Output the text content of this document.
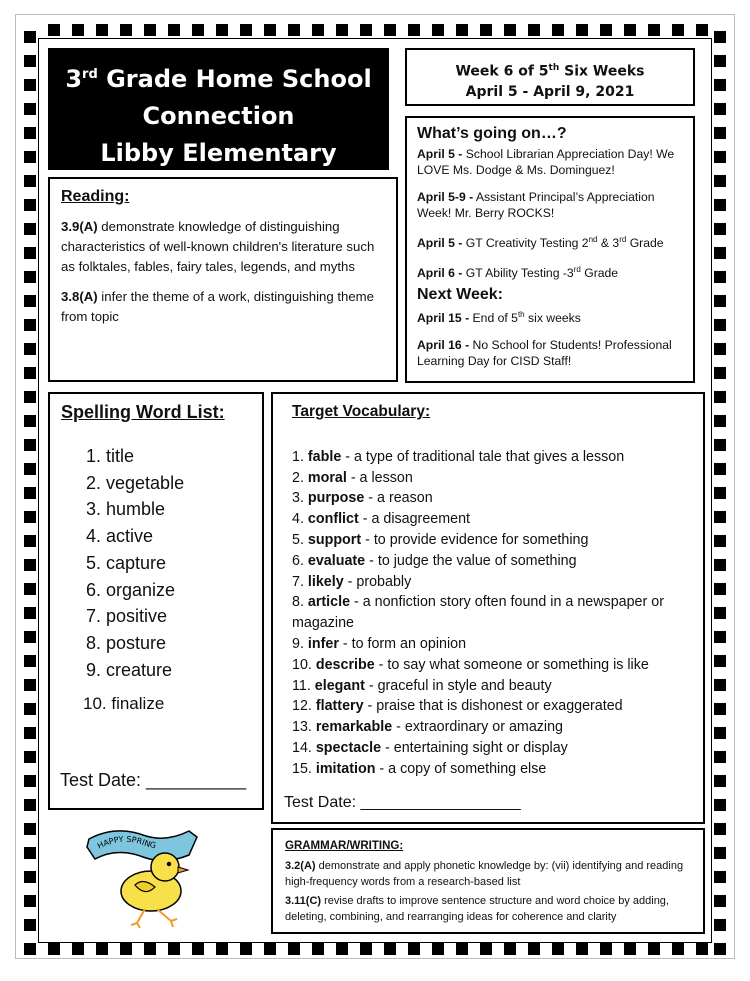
3rd Grade Home School
Connection
Libby Elementary
Week 6 of 5th Six Weeks
April 5 - April 9, 2021
What’s going on…?

April 5 - School Librarian Appreciation Day! We LOVE Ms. Dodge & Ms. Dominguez!

April 5-9 - Assistant Principal’s Appreciation Week! Mr. Berry ROCKS!

April 5 - GT Creativity Testing 2nd & 3rd Grade

April 6 - GT Ability Testing -3rd Grade

Next Week:

April 15 - End of 5th six weeks

April 16 - No School for Students! Professional Learning Day for CISD Staff!

Reading:

3.9(A) demonstrate knowledge of distinguishing characteristics of well-known children's literature such as folktales, fables, fairy tales, legends, and myths

3.8(A) infer the theme of a work, distinguishing theme from topic

Spelling Word List:
1. title
2. vegetable
3. humble
4. active
5. capture
6. organize
7. positive
8. posture
9. creature
10. finalize
Test Date: __________
Target Vocabulary:
1. fable - a type of traditional tale that gives a lesson
2. moral - a lesson
3. purpose - a reason
4. conflict - a disagreement
5. support - to provide evidence for something
6. evaluate - to judge the value of something
7. likely - probably
8. article - a nonfiction story often found in a newspaper or magazine
9. infer - to form an opinion
10. describe - to say what someone or something is like
11. elegant - graceful in style and beauty
12. flattery - praise that is dishonest or exaggerated
13. remarkable - extraordinary or amazing
14. spectacle - entertaining sight or display
15. imitation - a copy of something else
Test Date: __________________
GRAMMAR/WRITING:

3.2(A) demonstrate and apply phonetic knowledge by: (vii) identifying and reading high-frequency words from a research-based list

3.11(C) revise drafts to improve sentence structure and word choice by adding, deleting, combining, and rearranging ideas for coherence and clarity

HAPPY SPRING
